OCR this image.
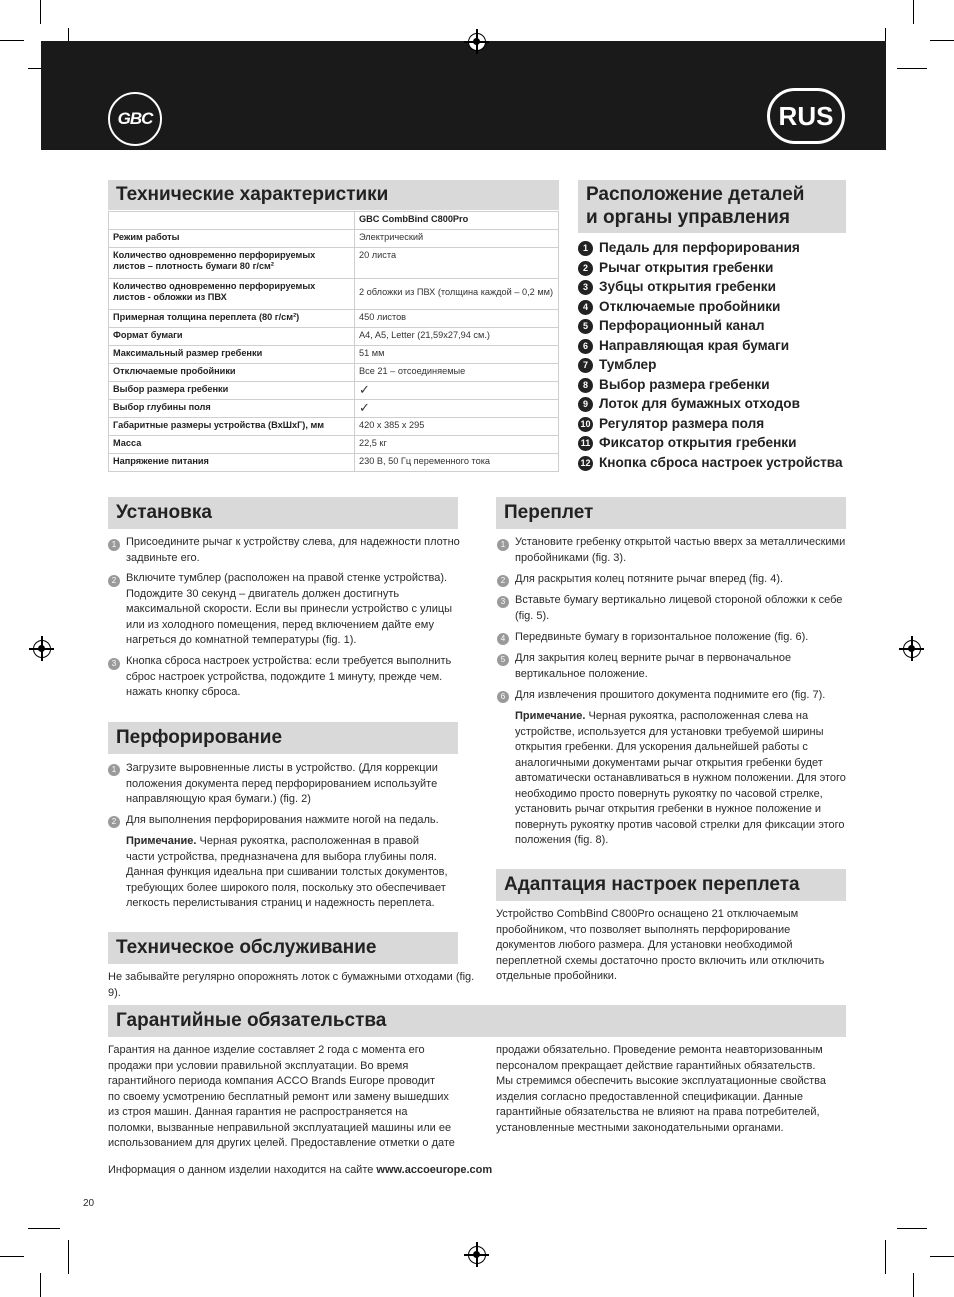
GBC	RUS
Технические характеристики
	GBC CombBind C800Pro
Режим работы	Электрический
Количество одновременно перфорируемых листов – плотность бумаги 80 г/см²	20 листа
Количество одновременно перфорируемых листов - обложки из ПВХ	2 обложки из ПВХ (толщина каждой – 0,2 мм)
Примерная толщина переплета (80 г/см²)	450 листов
Формат бумаги	A4, A5, Letter (21,59x27,94 см.)
Максимальный размер гребенки	51 мм
Отключаемые пробойники	Все 21 – отсоединяемые
Выбор размера гребенки	✓
Выбор глубины поля	✓
Габаритные размеры устройства (ВхШхГ), мм	420 x 385 x 295
Масса	22,5 кг
Напряжение питания	230 В, 50 Гц переменного тока
Расположение деталей
и органы управления
1 Педаль для перфорирования
2 Рычаг открытия гребенки
3 Зубцы открытия гребенки
4 Отключаемые пробойники
5 Перфорационный канал
6 Направляющая края бумаги
7 Тумблер
8 Выбор размера гребенки
9 Лоток для бумажных отходов
10 Регулятор размера поля
11 Фиксатор открытия гребенки
12 Кнопка сброса настроек устройства
Установка
1 Присоедините рычаг к устройству слева, для надежности плотно
задвиньте его.
2 Включите тумблер (расположен на правой стенке устройства).
Подождите 30 секунд – двигатель должен достигнуть
максимальной скорости. Если вы принесли устройство с улицы
или из холодного помещения, перед включением дайте ему
нагреться до комнатной температуры (fig. 1).
3 Кнопка сброса настроек устройства: если требуется выполнить
сброс настроек устройства, подождите 1 минуту, прежде чем.
нажать кнопку сброса.
Перфорирование
1 Загрузите выровненные листы в устройство. (Для коррекции
положения документа перед перфорированием используйте
направляющую края бумаги.) (fig. 2)
2 Для выполнения перфорирования нажмите ногой на педаль.
Примечание. Черная рукоятка, расположенная в правой
части устройства, предназначена для выбора глубины поля.
Данная функция идеальна при сшивании толстых документов,
требующих более широкого поля, поскольку это обеспечивает
легкость перелистывания страниц и надежность переплета.
Техническое обслуживание
Не забывайте регулярно опорожнять лоток с бумажными отходами (fig. 9).
Переплет
1 Установите гребенку открытой частью вверх за металлическими
пробойниками (fig. 3).
2 Для раскрытия колец потяните рычаг вперед (fig. 4).
3 Вставьте бумагу вертикально лицевой стороной обложки к себе
(fig. 5).
4 Передвиньте бумагу в горизонтальное положение (fig. 6).
5 Для закрытия колец верните рычаг в первоначальное
вертикальное положение.
6 Для извлечения прошитого документа поднимите его (fig. 7).
Примечание. Черная рукоятка, расположенная слева на
устройстве, используется для установки требуемой ширины
открытия гребенки. Для ускорения дальнейшей работы с
аналогичными документами рычаг открытия гребенки будет
автоматически останавливаться в нужном положении. Для этого
необходимо просто повернуть рукоятку по часовой стрелке,
установить рычаг открытия гребенки в нужное положение и
повернуть рукоятку против часовой стрелки для фиксации этого
положения (fig. 8).
Адаптация настроек переплета
Устройство CombBind C800Pro оснащено 21 отключаемым
пробойником, что позволяет выполнять перфорирование
документов любого размера. Для установки необходимой
переплетной схемы достаточно просто включить или отключить
отдельные пробойники.
Гарантийные обязательства
Гарантия на данное изделие составляет 2 года с момента его
продажи при условии правильной эксплуатации. Во время
гарантийного периода компания ACCO Brands Europe проводит
по своему усмотрению бесплатный ремонт или замену вышедших
из строя машин. Данная гарантия не распространяется на
поломки, вызванные неправильной эксплуатацией машины или ее
использованием для других целей. Предоставление отметки о дате
продажи обязательно. Проведение ремонта неавторизованным
персоналом прекращает действие гарантийных обязательств.
Мы стремимся обеспечить высокие эксплуатационные свойства
изделия согласно предоставленной спецификации. Данные
гарантийные обязательства не влияют на права потребителей,
установленные местными законодательными органами.
Информация о данном изделии находится на сайте www.accoeurope.com
20
